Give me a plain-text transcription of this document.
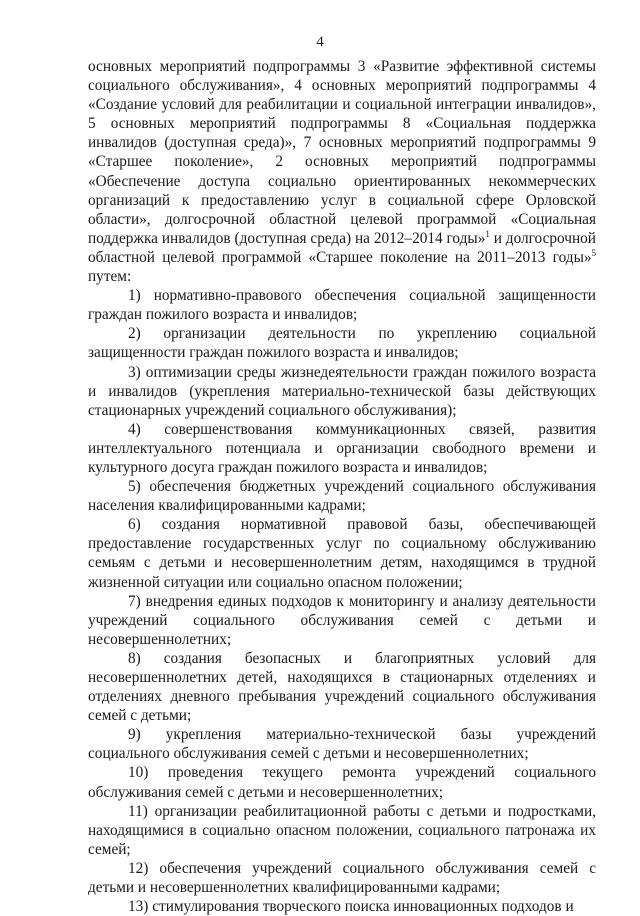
4

основных мероприятий подпрограммы 3 «Развитие эффективной системы социального обслуживания», 4 основных мероприятий подпрограммы 4 «Создание условий для реабилитации и социальной интеграции инвалидов», 5 основных мероприятий подпрограммы 8 «Социальная поддержка инвалидов (доступная среда)», 7 основных мероприятий подпрограммы 9 «Старшее поколение», 2 основных мероприятий подпрограммы «Обеспечение доступа социально ориентированных некоммерческих организаций к предоставлению услуг в социальной сфере Орловской области», долгосрочной областной целевой программой «Социальная поддержка инвалидов (доступная среда) на 2012–2014 годы»$^1$ и долгосрочной областной целевой программой «Старшее поколение на 2011–2013 годы»$^5$ путем:

1) нормативно-правового обеспечения социальной защищенности граждан пожилого возраста и инвалидов;

2) организации деятельности по укреплению социальной защищенности граждан пожилого возраста и инвалидов;

3) оптимизации среды жизнедеятельности граждан пожилого возраста и инвалидов (укрепления материально-технической базы действующих стационарных учреждений социального обслуживания);

4) совершенствования коммуникационных связей, развития интеллектуального потенциала и организации свободного времени и культурного досуга граждан пожилого возраста и инвалидов;

5) обеспечения бюджетных учреждений социального обслуживания населения квалифицированными кадрами;

6) создания нормативной правовой базы, обеспечивающей предоставление государственных услуг по социальному обслуживанию семьям с детьми и несовершеннолетним детям, находящимся в трудной жизненной ситуации или социально опасном положении;

7) внедрения единых подходов к мониторингу и анализу деятельности учреждений социального обслуживания семей с детьми и несовершеннолетних;

8) создания безопасных и благоприятных условий для несовершеннолетних детей, находящихся в стационарных отделениях и отделениях дневного пребывания учреждений социального обслуживания семей с детьми;

9) укрепления материально-технической базы учреждений социального обслуживания семей с детьми и несовершеннолетних;

10) проведения текущего ремонта учреждений социального обслуживания семей с детьми и несовершеннолетних;

11) организации реабилитационной работы с детьми и подростками, находящимися в социально опасном положении, социального патронажа их семей;

12) обеспечения учреждений социального обслуживания семей с детьми и несовершеннолетних квалифицированными кадрами;

13) стимулирования творческого поиска инновационных подходов и
